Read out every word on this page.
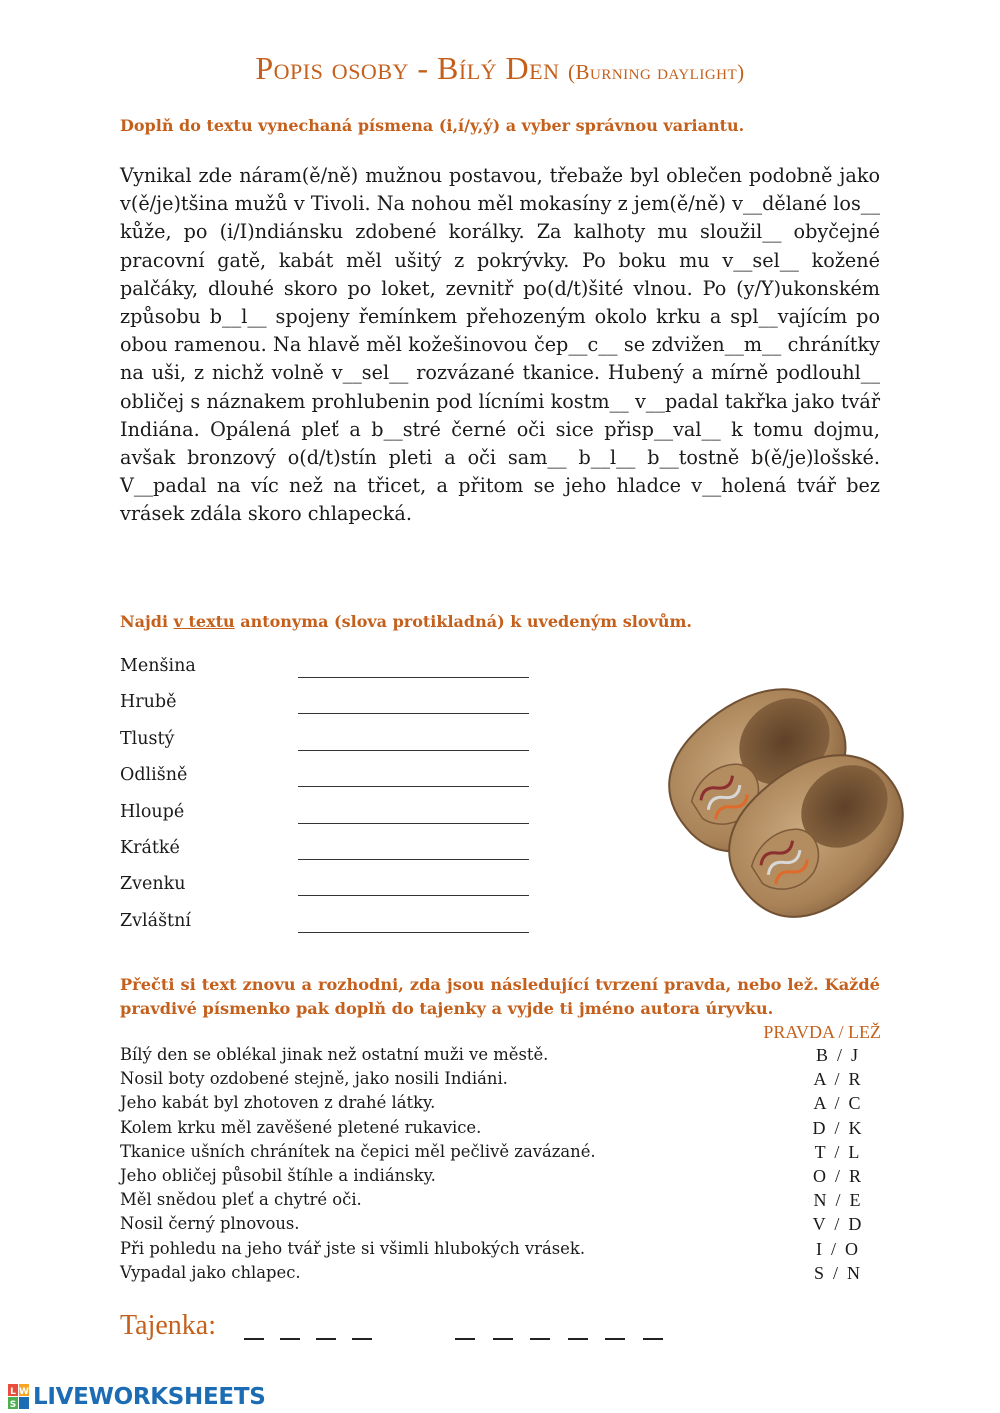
Popis osoby - Bílý Den (Burning daylight)

Doplň do textu vynechaná písmena (i,í/y,ý) a vyber správnou variantu.

Vynikal zde náram(ě/ně) mužnou postavou, třebaže byl oblečen podobně jako v(ě/je)tšina mužů v Tivoli. Na nohou měl mokasíny z jem(ě/ně) v__dělané los__ kůže, po (i/I)ndiánsku zdobené korálky. Za kalhoty mu sloužil__ obyčejné pracovní gatě, kabát měl ušitý z pokrývky. Po boku mu v__sel__ kožené palčáky, dlouhé skoro po loket, zevnitř po(d/t)šité vlnou. Po (y/Y)ukonském způsobu b__l__ spojeny řemínkem přehozeným okolo krku a spl__vajícím po obou ramenou. Na hlavě měl kožešinovou čep__c__ se zdvižen__m__ chránítky na uši, z nichž volně v__sel__ rozvázané tkanice. Hubený a mírně podlouhl__ obličej s náznakem prohlubenin pod lícními kostm__ v__padal takřka jako tvář Indiána. Opálená pleť a b__stré černé oči sice přisp__val__ k tomu dojmu, avšak bronzový o(d/t)stín pleti a oči sam__ b__l__ b__tostně b(ě/je)lošské. V__padal na víc než na třicet, a přitom se jeho hladce v__holená tvář bez vrásek zdála skoro chlapecká.

Najdi v textu antonyma (slova protikladná) k uvedeným slovům.

Menšina
Hrubě
Tlustý
Odlišně
Hloupé
Krátké
Zvenku
Zvláštní

Přečti si text znovu a rozhodni, zda jsou následující tvrzení pravda, nebo lež. Každé pravdivé písmenko pak doplň do tajenky a vyjde ti jméno autora úryvku.

PRAVDA / LEŽ
Bílý den se oblékal jinak než ostatní muži ve městě.	B  /  J
Nosil boty ozdobené stejně, jako nosili Indiáni.	A  /  R
Jeho kabát byl zhotoven z drahé látky.	A  /  C
Kolem krku měl zavěšené pletené rukavice.	D  /  K
Tkanice ušních chránítek na čepici měl pečlivě zavázané.	T  /  L
Jeho obličej působil štíhle a indiánsky.	O  /  R
Měl snědou pleť a chytré oči.	N  /  E
Nosil černý plnovous.	V  /  D
Při pohledu na jeho tvář jste si všimli hlubokých vrásek.	I  /  O
Vypadal jako chlapec.	S  /  N
Tajenka:
L W
S LIVEWORKSHEETS
